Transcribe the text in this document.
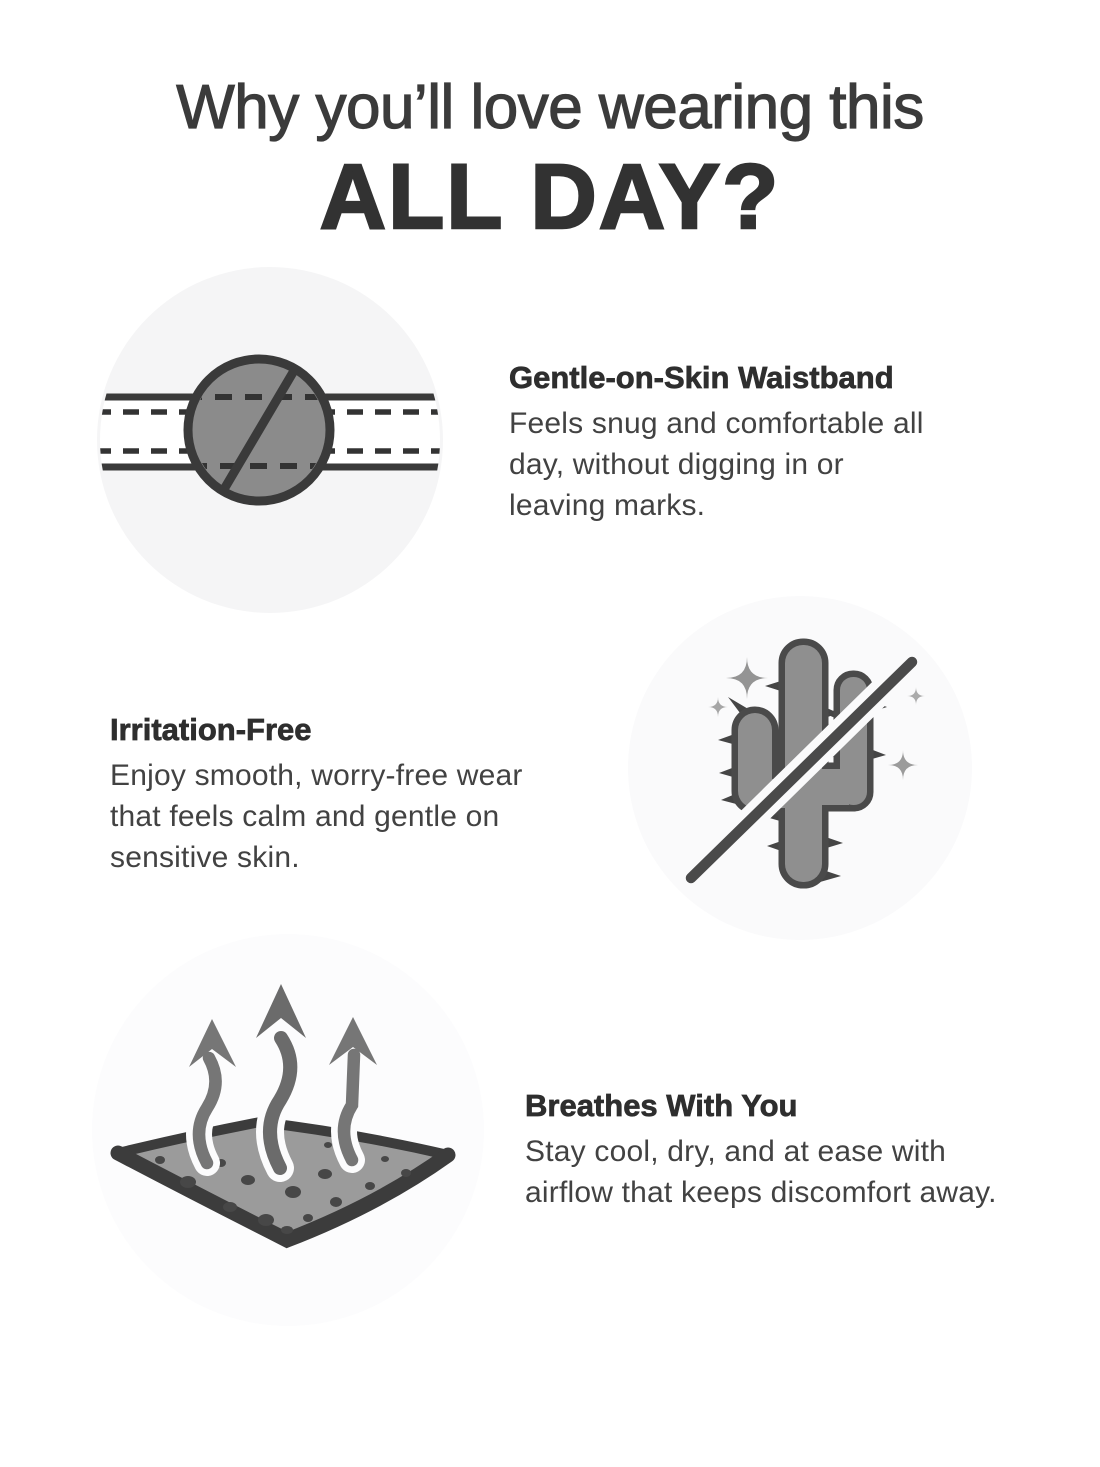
Why you’ll love wearing this
ALL DAY?
Gentle-on-Skin Waistband

Feels snug and comfortable all
day, without digging in or
leaving marks.

Irritation-Free

Enjoy smooth, worry-free wear
that feels calm and gentle on
sensitive skin.

Breathes With You

Stay cool, dry, and at ease with
airflow that keeps discomfort away.
